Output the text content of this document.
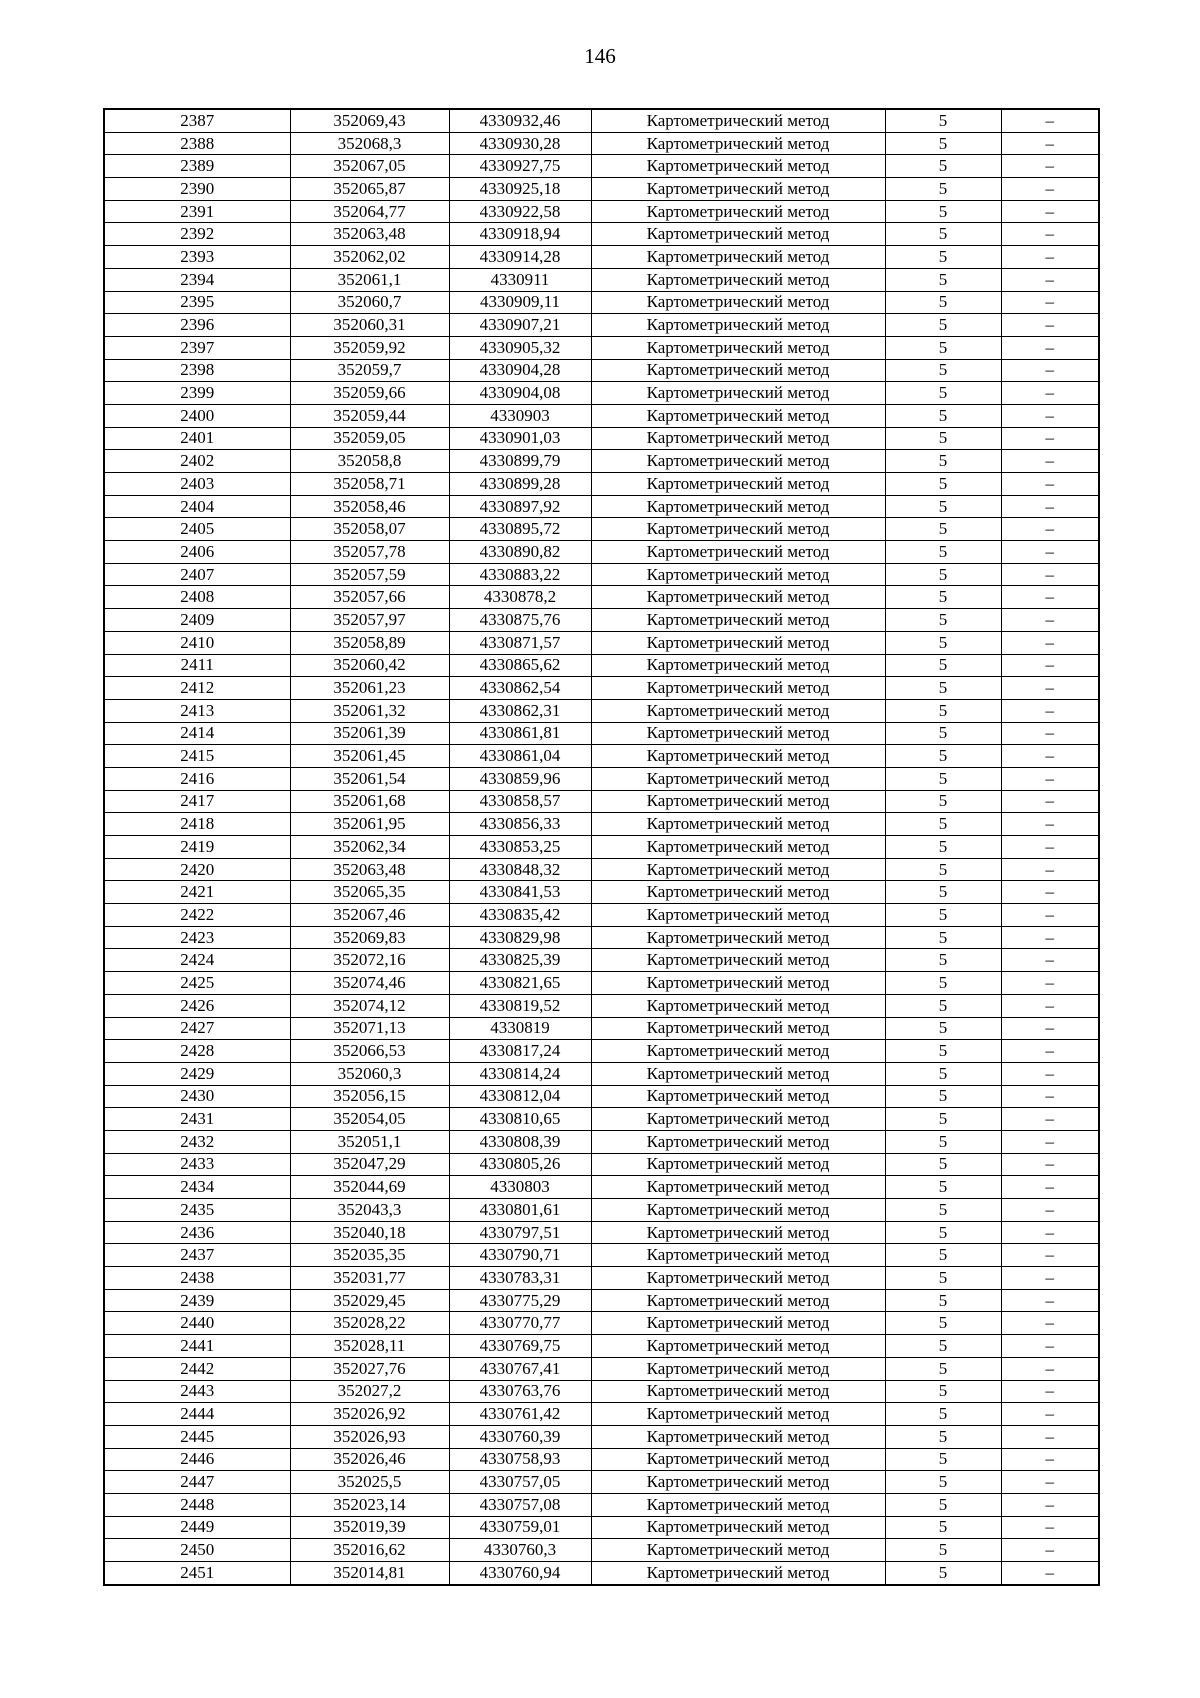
146
2387	352069,43	4330932,46	Картометрический метод	5	–
2388	352068,3	4330930,28	Картометрический метод	5	–
2389	352067,05	4330927,75	Картометрический метод	5	–
2390	352065,87	4330925,18	Картометрический метод	5	–
2391	352064,77	4330922,58	Картометрический метод	5	–
2392	352063,48	4330918,94	Картометрический метод	5	–
2393	352062,02	4330914,28	Картометрический метод	5	–
2394	352061,1	4330911	Картометрический метод	5	–
2395	352060,7	4330909,11	Картометрический метод	5	–
2396	352060,31	4330907,21	Картометрический метод	5	–
2397	352059,92	4330905,32	Картометрический метод	5	–
2398	352059,7	4330904,28	Картометрический метод	5	–
2399	352059,66	4330904,08	Картометрический метод	5	–
2400	352059,44	4330903	Картометрический метод	5	–
2401	352059,05	4330901,03	Картометрический метод	5	–
2402	352058,8	4330899,79	Картометрический метод	5	–
2403	352058,71	4330899,28	Картометрический метод	5	–
2404	352058,46	4330897,92	Картометрический метод	5	–
2405	352058,07	4330895,72	Картометрический метод	5	–
2406	352057,78	4330890,82	Картометрический метод	5	–
2407	352057,59	4330883,22	Картометрический метод	5	–
2408	352057,66	4330878,2	Картометрический метод	5	–
2409	352057,97	4330875,76	Картометрический метод	5	–
2410	352058,89	4330871,57	Картометрический метод	5	–
2411	352060,42	4330865,62	Картометрический метод	5	–
2412	352061,23	4330862,54	Картометрический метод	5	–
2413	352061,32	4330862,31	Картометрический метод	5	–
2414	352061,39	4330861,81	Картометрический метод	5	–
2415	352061,45	4330861,04	Картометрический метод	5	–
2416	352061,54	4330859,96	Картометрический метод	5	–
2417	352061,68	4330858,57	Картометрический метод	5	–
2418	352061,95	4330856,33	Картометрический метод	5	–
2419	352062,34	4330853,25	Картометрический метод	5	–
2420	352063,48	4330848,32	Картометрический метод	5	–
2421	352065,35	4330841,53	Картометрический метод	5	–
2422	352067,46	4330835,42	Картометрический метод	5	–
2423	352069,83	4330829,98	Картометрический метод	5	–
2424	352072,16	4330825,39	Картометрический метод	5	–
2425	352074,46	4330821,65	Картометрический метод	5	–
2426	352074,12	4330819,52	Картометрический метод	5	–
2427	352071,13	4330819	Картометрический метод	5	–
2428	352066,53	4330817,24	Картометрический метод	5	–
2429	352060,3	4330814,24	Картометрический метод	5	–
2430	352056,15	4330812,04	Картометрический метод	5	–
2431	352054,05	4330810,65	Картометрический метод	5	–
2432	352051,1	4330808,39	Картометрический метод	5	–
2433	352047,29	4330805,26	Картометрический метод	5	–
2434	352044,69	4330803	Картометрический метод	5	–
2435	352043,3	4330801,61	Картометрический метод	5	–
2436	352040,18	4330797,51	Картометрический метод	5	–
2437	352035,35	4330790,71	Картометрический метод	5	–
2438	352031,77	4330783,31	Картометрический метод	5	–
2439	352029,45	4330775,29	Картометрический метод	5	–
2440	352028,22	4330770,77	Картометрический метод	5	–
2441	352028,11	4330769,75	Картометрический метод	5	–
2442	352027,76	4330767,41	Картометрический метод	5	–
2443	352027,2	4330763,76	Картометрический метод	5	–
2444	352026,92	4330761,42	Картометрический метод	5	–
2445	352026,93	4330760,39	Картометрический метод	5	–
2446	352026,46	4330758,93	Картометрический метод	5	–
2447	352025,5	4330757,05	Картометрический метод	5	–
2448	352023,14	4330757,08	Картометрический метод	5	–
2449	352019,39	4330759,01	Картометрический метод	5	–
2450	352016,62	4330760,3	Картометрический метод	5	–
2451	352014,81	4330760,94	Картометрический метод	5	–
